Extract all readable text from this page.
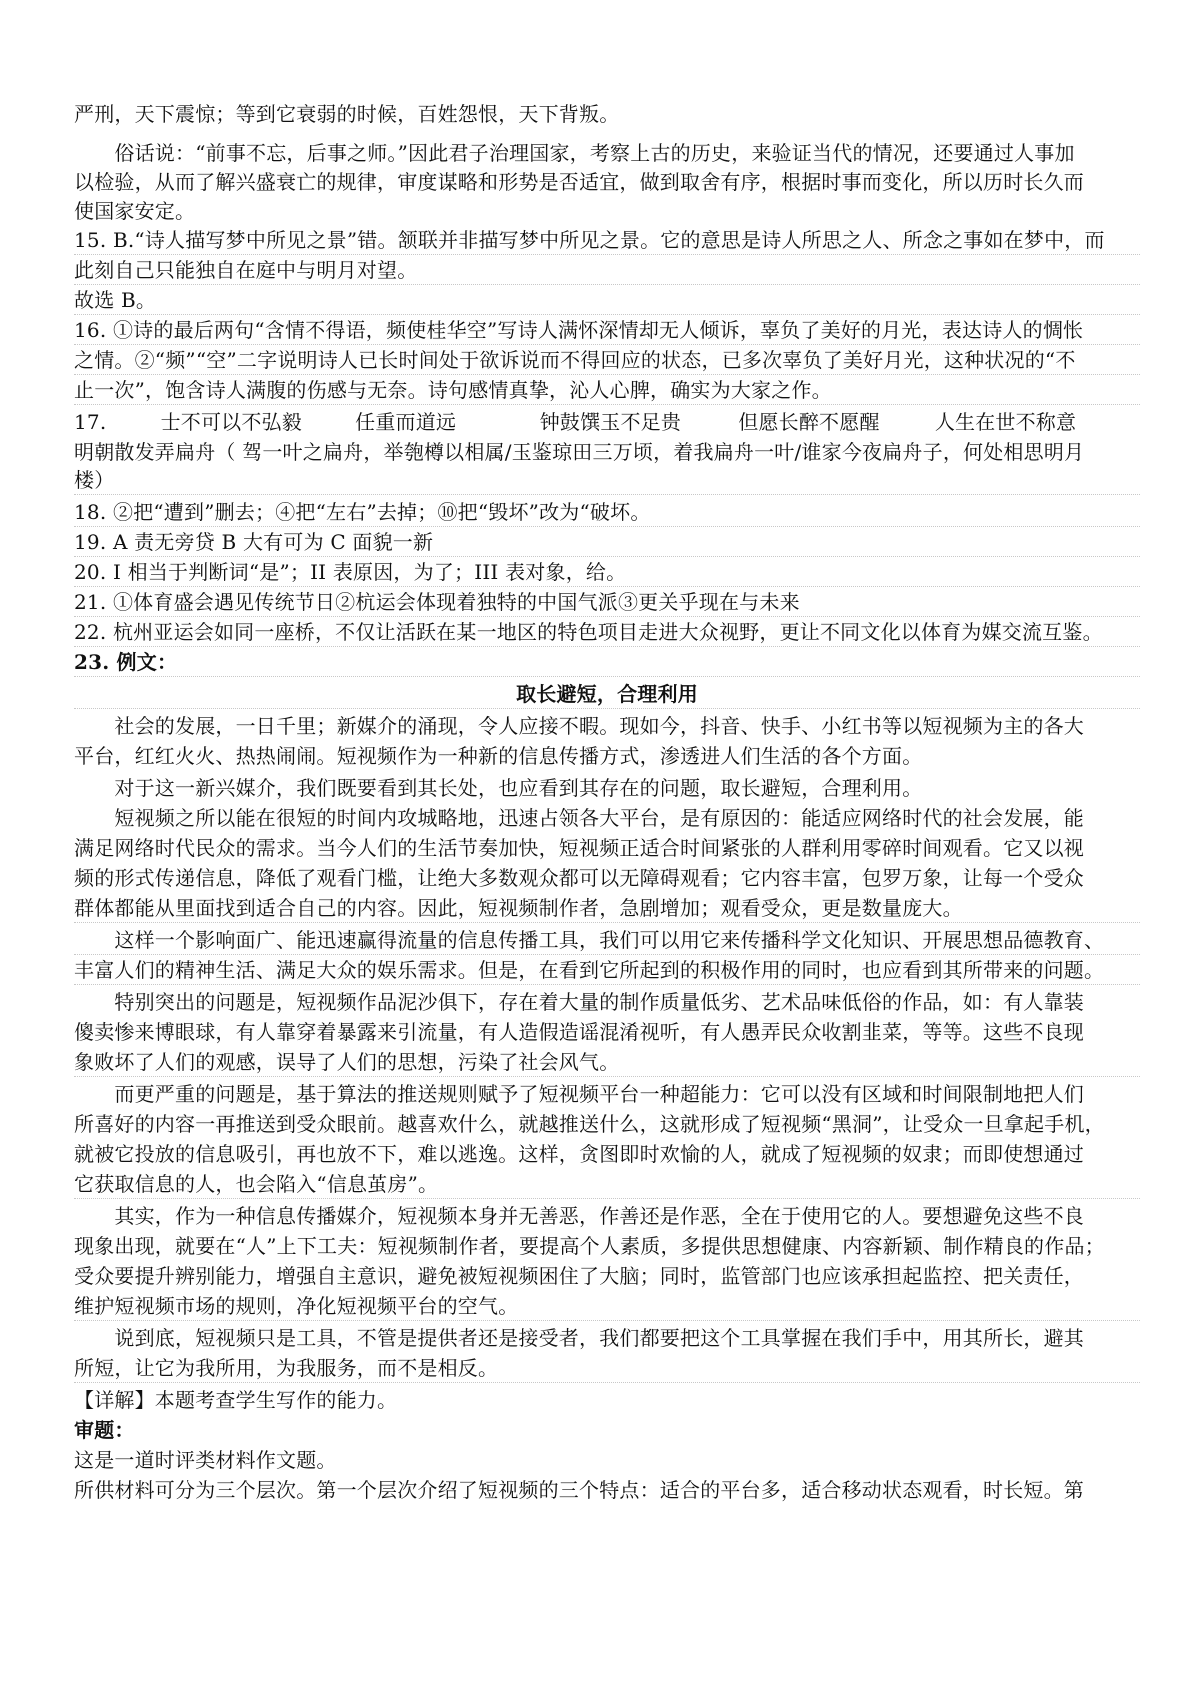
严刑，天下震惊；等到它衰弱的时候，百姓怨恨，天下背叛。
　　俗话说：“前事不忘，后事之师。”因此君子治理国家，考察上古的历史，来验证当代的情况，还要通过人事加
以检验，从而了解兴盛衰亡的规律，审度谋略和形势是否适宜，做到取舍有序，根据时事而变化，所以历时长久而
使国家安定。
15. B.“诗人描写梦中所见之景”错。颔联并非描写梦中所见之景。它的意思是诗人所思之人、所念之事如在梦中，而
此刻自己只能独自在庭中与明月对望。
故选 B。
16. ①诗的最后两句“含情不得语，频使桂华空”写诗人满怀深情却无人倾诉，辜负了美好的月光，表达诗人的惆怅
之情。②“频”“空”二字说明诗人已长时间处于欲诉说而不得回应的状态，已多次辜负了美好月光，这种状况的“不
止一次”，饱含诗人满腹的伤感与无奈。诗句感情真挚，沁人心脾，确实为大家之作。
17.	士不可以不弘毅	任重而道远	钟鼓馔玉不足贵	但愿长醉不愿醒	人生在世不称意
明朝散发弄扁舟（ 驾一叶之扁舟，举匏樽以相属/玉鉴琼田三万顷，着我扁舟一叶/谁家今夜扁舟子，何处相思明月
楼）
18. ②把“遭到”删去；④把“左右”去掉；⑩把“毁坏”改为“破坏。
19. A 责无旁贷 B 大有可为 C 面貌一新
20. I 相当于判断词“是”；II 表原因，为了；III 表对象，给。
21. ①体育盛会遇见传统节日②杭运会体现着独特的中国气派③更关乎现在与未来
22. 杭州亚运会如同一座桥，不仅让活跃在某一地区的特色项目走进大众视野，更让不同文化以体育为媒交流互鉴。
23. 例文：
取长避短，合理利用
　　社会的发展，一日千里；新媒介的涌现，令人应接不暇。现如今，抖音、快手、小红书等以短视频为主的各大
平台，红红火火、热热闹闹。短视频作为一种新的信息传播方式，渗透进人们生活的各个方面。
　　对于这一新兴媒介，我们既要看到其长处，也应看到其存在的问题，取长避短，合理利用。
　　短视频之所以能在很短的时间内攻城略地，迅速占领各大平台，是有原因的：能适应网络时代的社会发展，能
满足网络时代民众的需求。当今人们的生活节奏加快，短视频正适合时间紧张的人群利用零碎时间观看。它又以视
频的形式传递信息，降低了观看门槛，让绝大多数观众都可以无障碍观看；它内容丰富，包罗万象，让每一个受众
群体都能从里面找到适合自己的内容。因此，短视频制作者，急剧增加；观看受众，更是数量庞大。
　　这样一个影响面广、能迅速赢得流量的信息传播工具，我们可以用它来传播科学文化知识、开展思想品德教育、
丰富人们的精神生活、满足大众的娱乐需求。但是，在看到它所起到的积极作用的同时，也应看到其所带来的问题。
　　特别突出的问题是，短视频作品泥沙俱下，存在着大量的制作质量低劣、艺术品味低俗的作品，如：有人靠装
傻卖惨来博眼球，有人靠穿着暴露来引流量，有人造假造谣混淆视听，有人愚弄民众收割韭菜，等等。这些不良现
象败坏了人们的观感，误导了人们的思想，污染了社会风气。
　　而更严重的问题是，基于算法的推送规则赋予了短视频平台一种超能力：它可以没有区域和时间限制地把人们
所喜好的内容一再推送到受众眼前。越喜欢什么，就越推送什么，这就形成了短视频“黑洞”，让受众一旦拿起手机，
就被它投放的信息吸引，再也放不下，难以逃逸。这样，贪图即时欢愉的人，就成了短视频的奴隶；而即使想通过
它获取信息的人，也会陷入“信息茧房”。
　　其实，作为一种信息传播媒介，短视频本身并无善恶，作善还是作恶，全在于使用它的人。要想避免这些不良
现象出现，就要在“人”上下工夫：短视频制作者，要提高个人素质，多提供思想健康、内容新颖、制作精良的作品；
受众要提升辨别能力，增强自主意识，避免被短视频困住了大脑；同时，监管部门也应该承担起监控、把关责任，
维护短视频市场的规则，净化短视频平台的空气。
　　说到底，短视频只是工具，不管是提供者还是接受者，我们都要把这个工具掌握在我们手中，用其所长，避其
所短，让它为我所用，为我服务，而不是相反。
【详解】本题考查学生写作的能力。
审题：
这是一道时评类材料作文题。
所供材料可分为三个层次。第一个层次介绍了短视频的三个特点：适合的平台多，适合移动状态观看，时长短。第
